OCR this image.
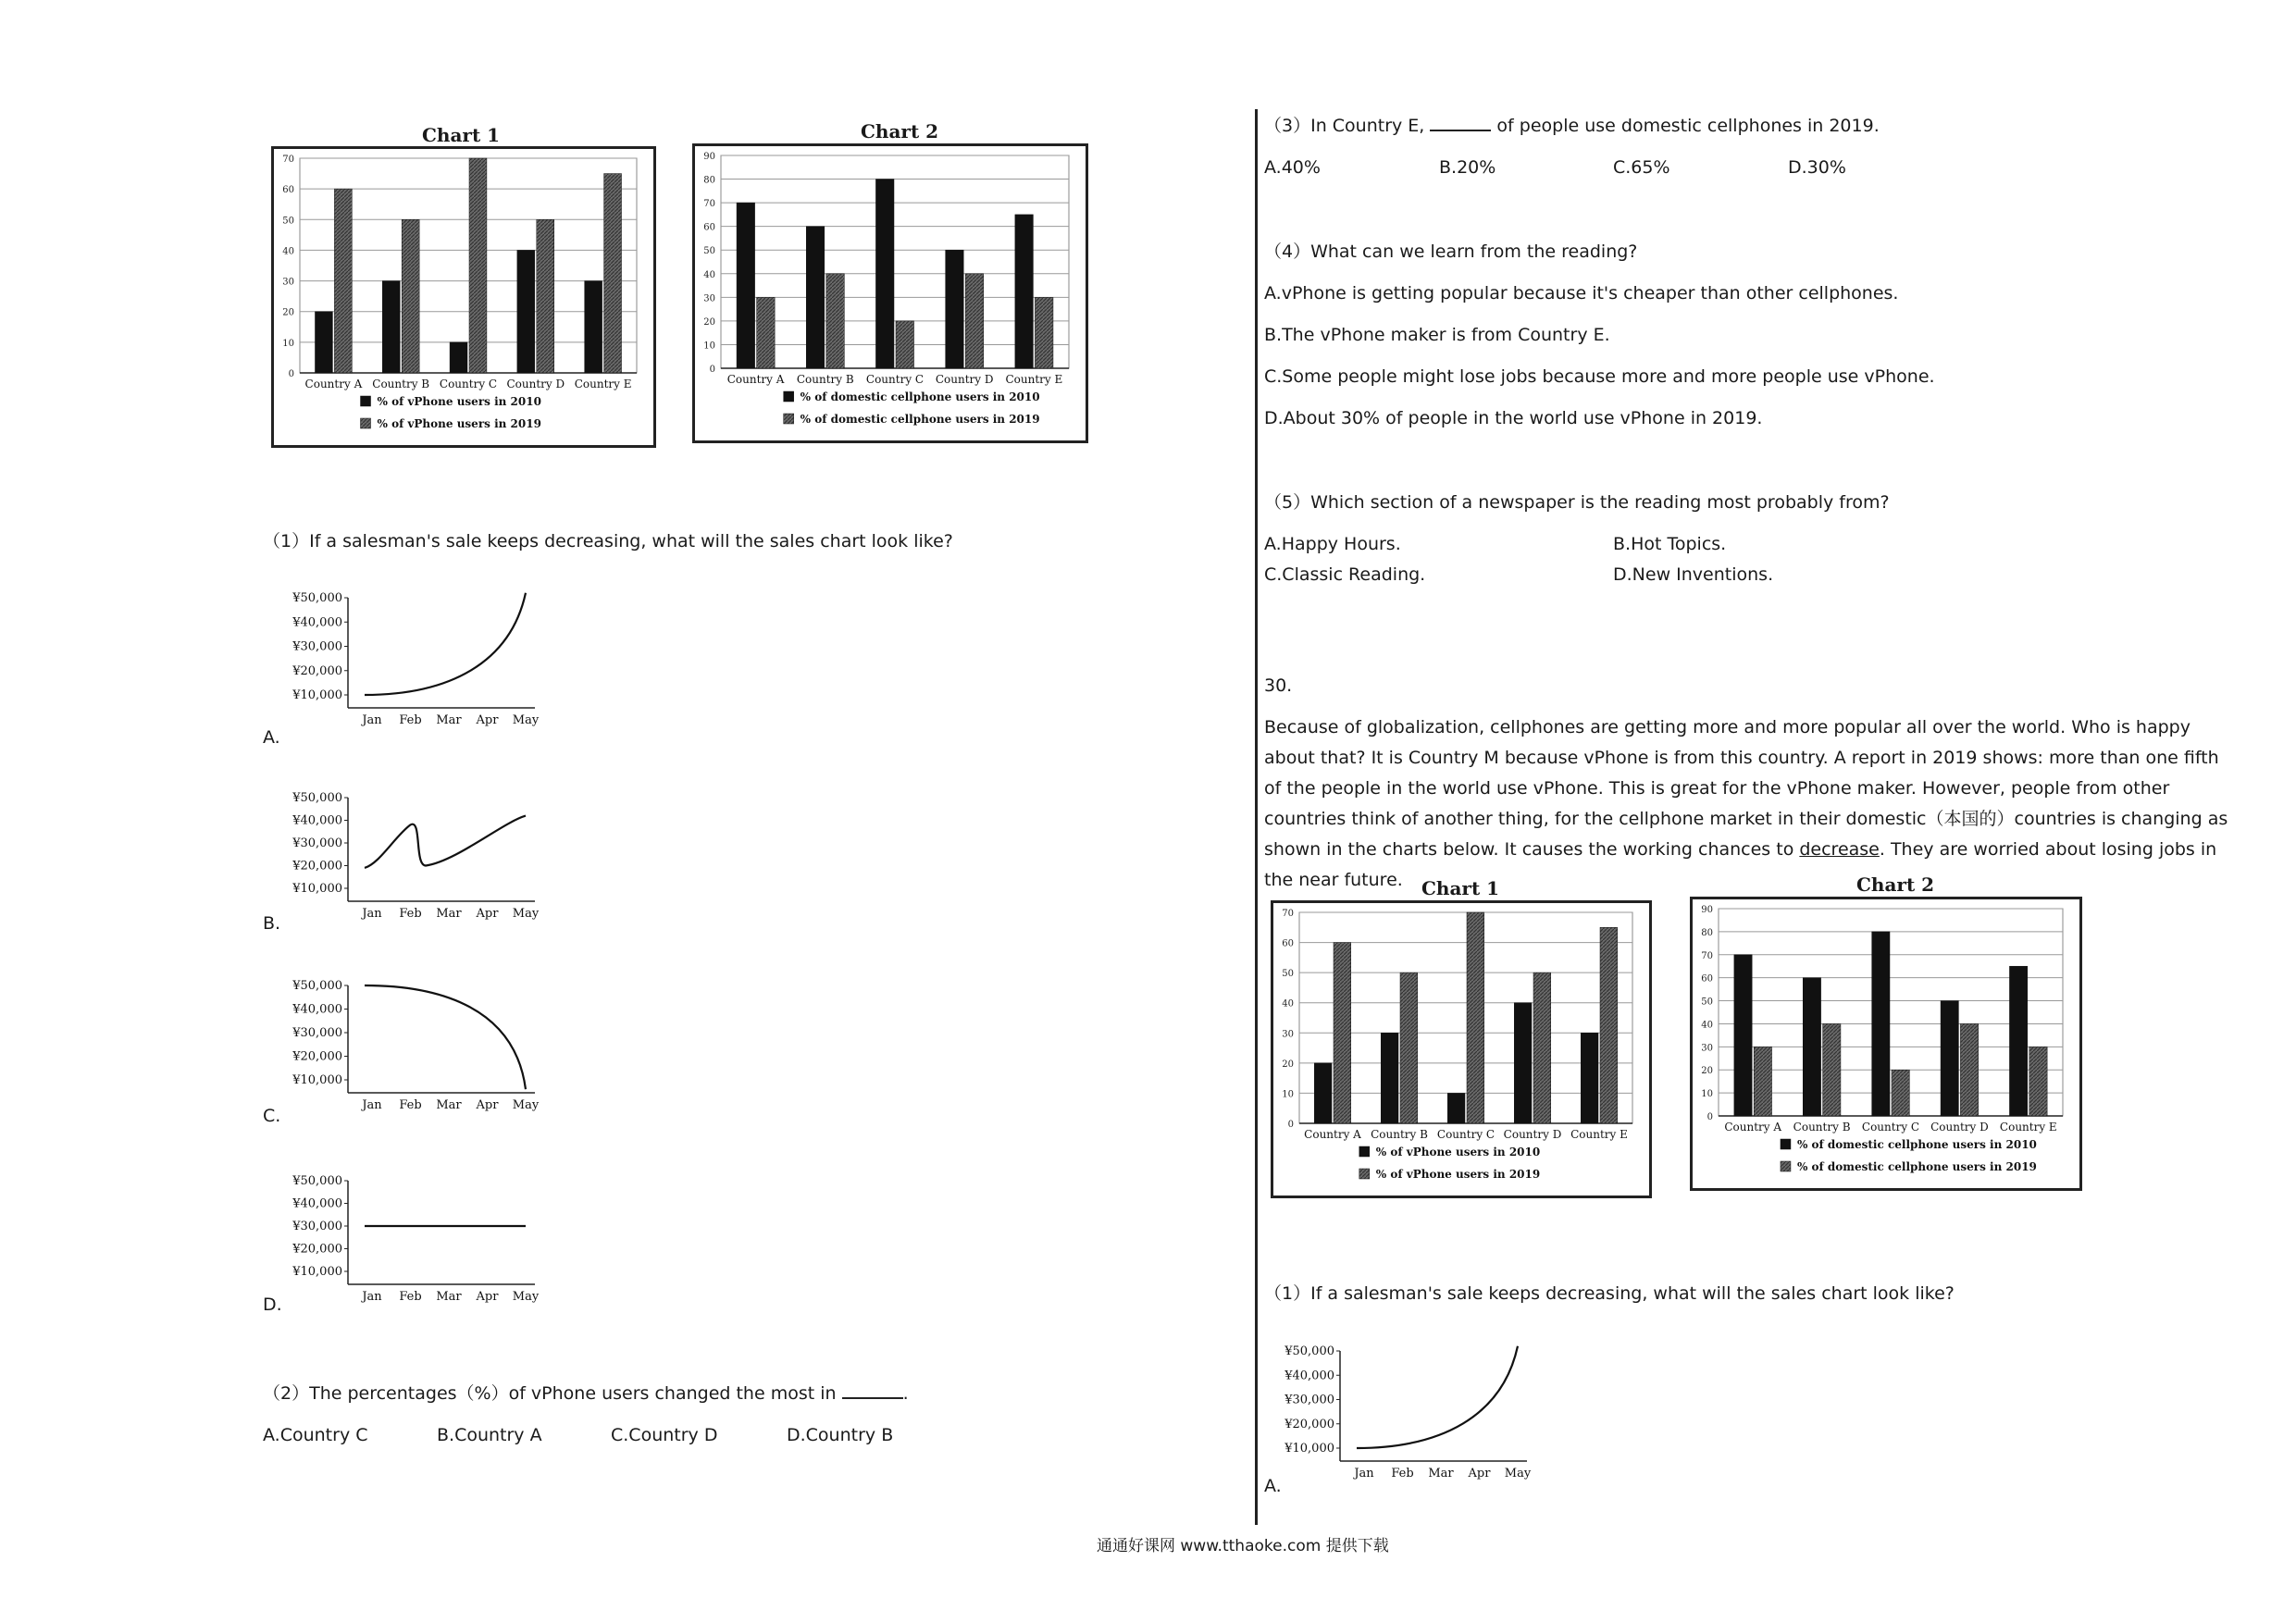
Chart 1
0
10
20
30
40
50
60
70
Country A Country B Country C Country D Country E
% of vPhone users in 2010
% of vPhone users in 2019
Chart 2
0
10
20
30
40
50
60
70
80
90
Country A Country B Country C Country D Country E
% of domestic cellphone users in 2010
% of domestic cellphone users in 2019
（1）If a salesman's sale keeps decreasing, what will the sales chart look like?
¥10,000
¥20,000
¥30,000
¥40,000
¥50,000
Jan Feb Mar Apr May
A.
¥10,000
¥20,000
¥30,000
¥40,000
¥50,000
Jan Feb Mar Apr May
B.
¥10,000
¥20,000
¥30,000
¥40,000
¥50,000
Jan Feb Mar Apr May
C.
¥10,000
¥20,000
¥30,000
¥40,000
¥50,000
Jan Feb Mar Apr May
D.
（2）The percentages（%）of vPhone users changed the most in	.
A.Country C	B.Country A	C.Country D	D.Country B
（3）In Country E,	of people use domestic cellphones in 2019.
A.40%	B.20%	C.65%	D.30%
（4）What can we learn from the reading?
A.vPhone is getting popular because it's cheaper than other cellphones.
B.The vPhone maker is from Country E.
C.Some people might lose jobs because more and more people use vPhone.
D.About 30% of people in the world use vPhone in 2019.
（5）Which section of a newspaper is the reading most probably from?
A.Happy Hours.	B.Hot Topics.
C.Classic Reading.	D.New Inventions.
30.
Because of globalization, cellphones are getting more and more popular all over the world. Who is happy about that? It is Country M because vPhone is from this country. A report in 2019 shows: more than one fifth of the people in the world use vPhone. This is great for the vPhone maker. However, people from other countries think of another thing, for the cellphone market in their domestic（本国的）countries is changing as shown in the charts below. It causes the working chances to decrease. They are worried about losing jobs in the near future.	Chart 1
0
10
20
30
40
50
60
70
Country A Country B Country C Country D Country E
% of vPhone users in 2010
% of vPhone users in 2019
Chart 2
0
10
20
30
40
50
60
70
80
90
Country A Country B Country C Country D Country E
% of domestic cellphone users in 2010
% of domestic cellphone users in 2019
（1）If a salesman's sale keeps decreasing, what will the sales chart look like?
¥10,000
¥20,000
¥30,000
¥40,000
¥50,000
Jan Feb Mar Apr May
A.
通通好课网 www.tthaoke.com 提供下载
